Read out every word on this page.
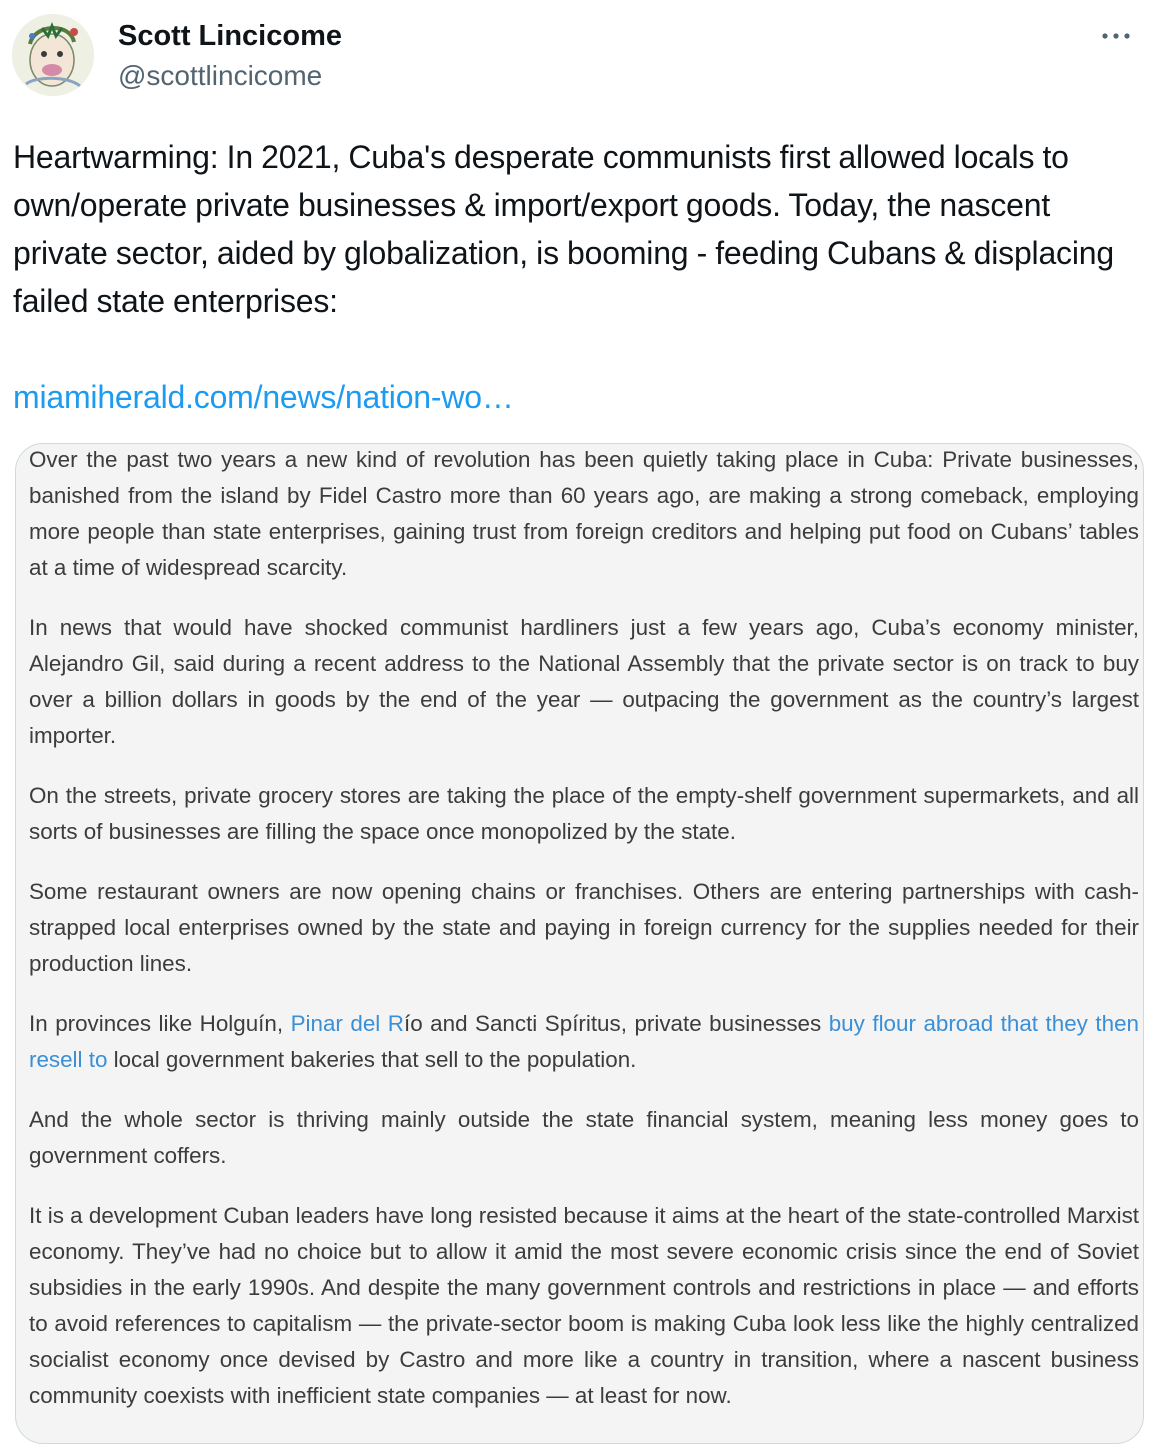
Scott Lincicome
@scottlincicome
Heartwarming: In 2021, Cuba's desperate communists first allowed locals to own/operate private businesses & import/export goods. Today, the nascent private sector, aided by globalization, is booming - feeding Cubans & displacing failed state enterprises:
miamiherald.com/news/nation-wo…

Over the past two years a new kind of revolution has been quietly taking place in Cuba: Private businesses, banished from the island by Fidel Castro more than 60 years ago, are making a strong comeback, employing more people than state enterprises, gaining trust from foreign creditors and helping put food on Cubans’ tables at a time of widespread scarcity.

In news that would have shocked communist hardliners just a few years ago, Cuba’s economy minister, Alejandro Gil, said during a recent address to the National Assembly that the private sector is on track to buy over a billion dollars in goods by the end of the year — outpacing the government as the country’s largest importer.

On the streets, private grocery stores are taking the place of the empty-shelf government supermarkets, and all sorts of businesses are filling the space once monopolized by the state.

Some restaurant owners are now opening chains or franchises. Others are entering partnerships with cash-strapped local enterprises owned by the state and paying in foreign currency for the supplies needed for their production lines.

In provinces like Holguín, Pinar del Río and Sancti Spíritus, private businesses buy flour abroad that they then resell to local government bakeries that sell to the population.

And the whole sector is thriving mainly outside the state financial system, meaning less money goes to government coffers.

It is a development Cuban leaders have long resisted because it aims at the heart of the state-controlled Marxist economy. They’ve had no choice but to allow it amid the most severe economic crisis since the end of Soviet subsidies in the early 1990s. And despite the many government controls and restrictions in place — and efforts to avoid references to capitalism — the private-sector boom is making Cuba look less like the highly centralized socialist economy once devised by Castro and more like a country in transition, where a nascent business community coexists with inefficient state companies — at least for now.
